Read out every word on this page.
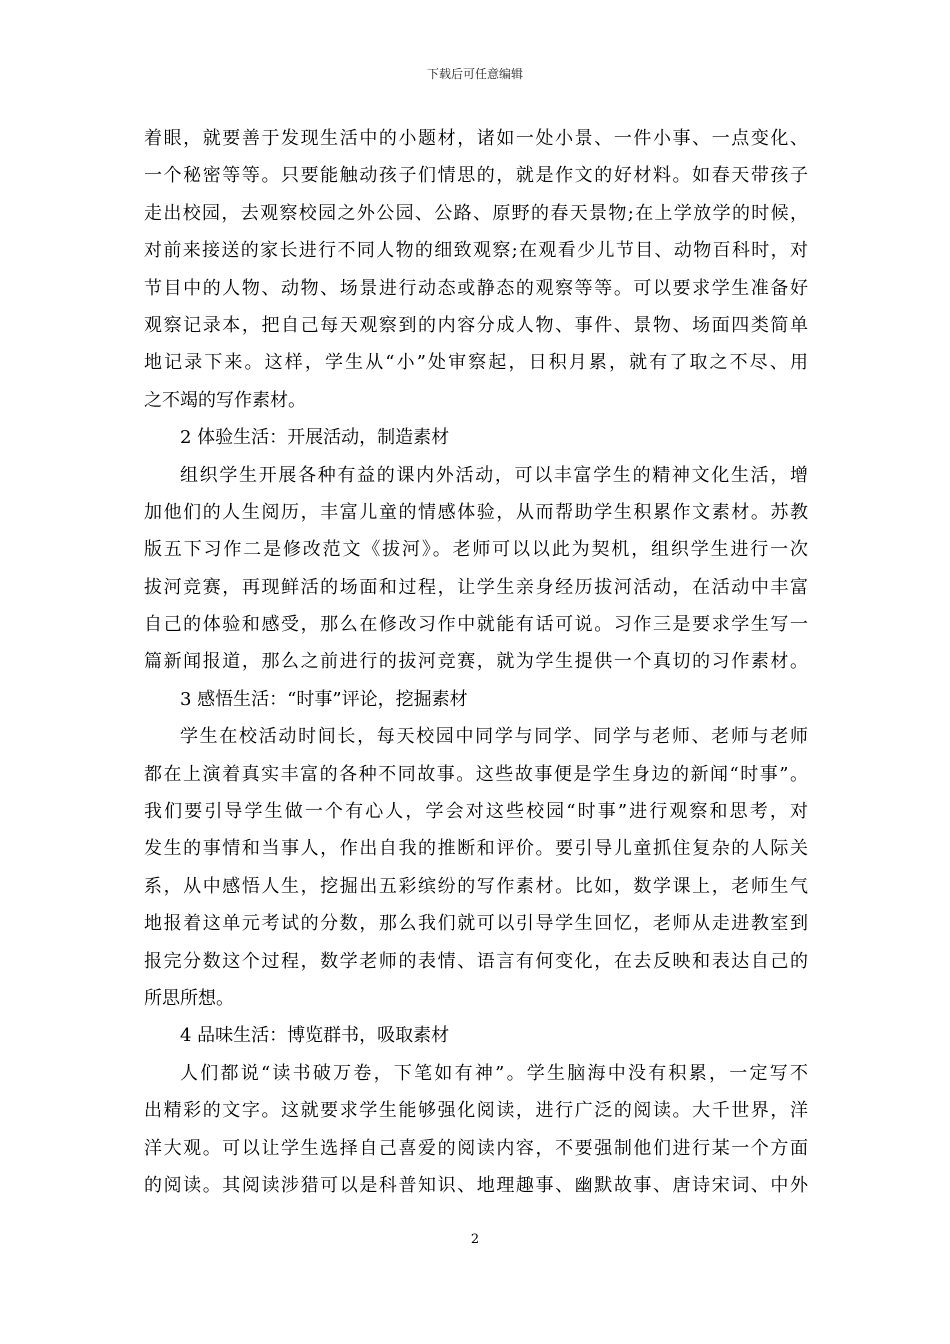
下载后可任意编辑
着眼，就要善于发现生活中的小题材，诸如一处小景、一件小事、一点变化、
一个秘密等等。只要能触动孩子们情思的，就是作文的好材料。如春天带孩子
走出校园，去观察校园之外公园、公路、原野的春天景物;在上学放学的时候，
对前来接送的家长进行不同人物的细致观察;在观看少儿节目、动物百科时，对
节目中的人物、动物、场景进行动态或静态的观察等等。可以要求学生准备好
观察记录本，把自己每天观察到的内容分成人物、事件、景物、场面四类简单
地记录下来。这样，学生从“小”处审察起，日积月累，就有了取之不尽、用
之不竭的写作素材。
2 体验生活：开展活动，制造素材
组织学生开展各种有益的课内外活动，可以丰富学生的精神文化生活，增
加他们的人生阅历，丰富儿童的情感体验，从而帮助学生积累作文素材。苏教
版五下习作二是修改范文《拔河》。老师可以以此为契机，组织学生进行一次
拔河竞赛，再现鲜活的场面和过程，让学生亲身经历拔河活动，在活动中丰富
自己的体验和感受，那么在修改习作中就能有话可说。习作三是要求学生写一
篇新闻报道，那么之前进行的拔河竞赛，就为学生提供一个真切的习作素材。
3 感悟生活：“时事”评论，挖掘素材
学生在校活动时间长，每天校园中同学与同学、同学与老师、老师与老师
都在上演着真实丰富的各种不同故事。这些故事便是学生身边的新闻“时事”。
我们要引导学生做一个有心人，学会对这些校园“时事”进行观察和思考，对
发生的事情和当事人，作出自我的推断和评价。要引导儿童抓住复杂的人际关
系，从中感悟人生，挖掘出五彩缤纷的写作素材。比如，数学课上，老师生气
地报着这单元考试的分数，那么我们就可以引导学生回忆，老师从走进教室到
报完分数这个过程，数学老师的表情、语言有何变化，在去反映和表达自己的
所思所想。
4 品味生活：博览群书，吸取素材
人们都说“读书破万卷，下笔如有神”。学生脑海中没有积累，一定写不
出精彩的文字。这就要求学生能够强化阅读，进行广泛的阅读。大千世界，洋
洋大观。可以让学生选择自己喜爱的阅读内容，不要强制他们进行某一个方面
的阅读。其阅读涉猎可以是科普知识、地理趣事、幽默故事、唐诗宋词、中外
2
